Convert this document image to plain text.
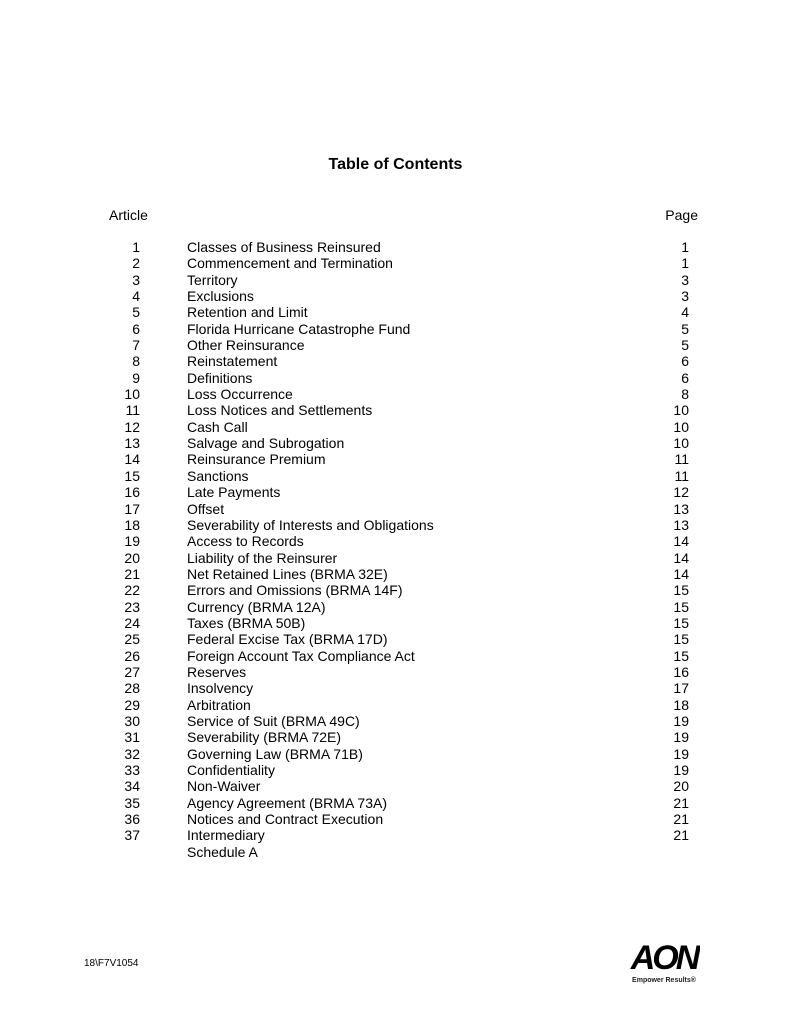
Table of Contents
Article	Page
1	Classes of Business Reinsured	1
2	Commencement and Termination	1
3	Territory	3
4	Exclusions	3
5	Retention and Limit	4
6	Florida Hurricane Catastrophe Fund	5
7	Other Reinsurance	5
8	Reinstatement	6
9	Definitions	6
10	Loss Occurrence	8
11	Loss Notices and Settlements	10
12	Cash Call	10
13	Salvage and Subrogation	10
14	Reinsurance Premium	11
15	Sanctions	11
16	Late Payments	12
17	Offset	13
18	Severability of Interests and Obligations	13
19	Access to Records	14
20	Liability of the Reinsurer	14
21	Net Retained Lines (BRMA 32E)	14
22	Errors and Omissions (BRMA 14F)	15
23	Currency (BRMA 12A)	15
24	Taxes (BRMA 50B)	15
25	Federal Excise Tax (BRMA 17D)	15
26	Foreign Account Tax Compliance Act	15
27	Reserves	16
28	Insolvency	17
29	Arbitration	18
30	Service of Suit (BRMA 49C)	19
31	Severability (BRMA 72E)	19
32	Governing Law (BRMA 71B)	19
33	Confidentiality	19
34	Non-Waiver	20
35	Agency Agreement (BRMA 73A)	21
36	Notices and Contract Execution	21
37	Intermediary	21
Schedule A
18\F7V1054	AON
Empower Results®
